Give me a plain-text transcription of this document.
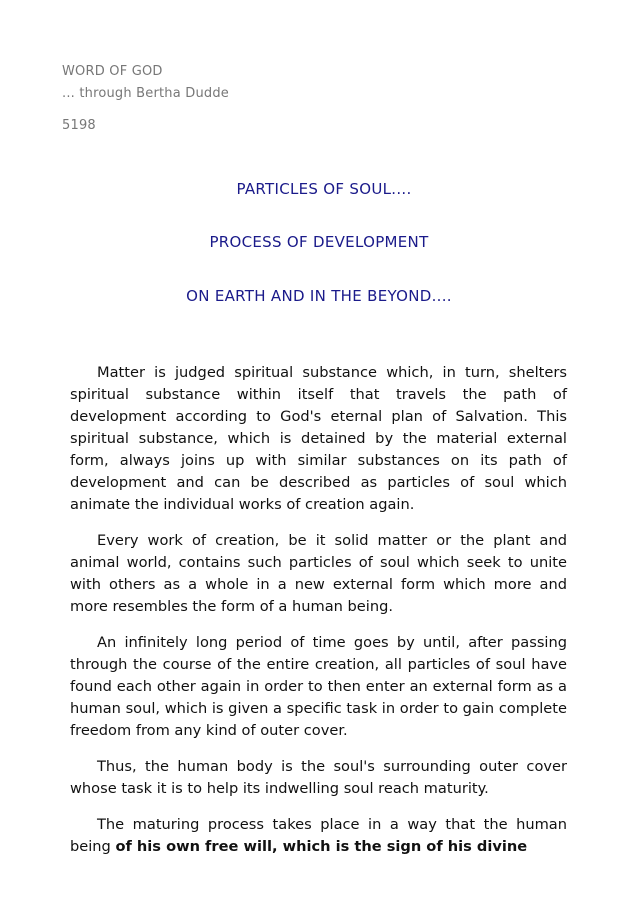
WORD OF GOD
... through Bertha Dudde
5198
PARTICLES OF SOUL....
PROCESS OF DEVELOPMENT
ON EARTH AND IN THE BEYOND....

Matter is judged spiritual substance which, in turn, shelters spiritual substance within itself that travels the path of development according to God's eternal plan of Salvation. This spiritual substance, which is detained by the material external form, always joins up with similar substances on its path of development and can be described as particles of soul which animate the individual works of creation again.

Every work of creation, be it solid matter or the plant and animal world, contains such particles of soul which seek to unite with others as a whole in a new external form which more and more resembles the form of a human being.

An infinitely long period of time goes by until, after passing through the course of the entire creation, all particles of soul have found each other again in order to then enter an external form as a human soul, which is given a specific task in order to gain complete freedom from any kind of outer cover.

Thus, the human body is the soul's surrounding outer cover whose task it is to help its indwelling soul reach maturity.

The maturing process takes place in a way that the human being of his own free will, which is the sign of his divine
